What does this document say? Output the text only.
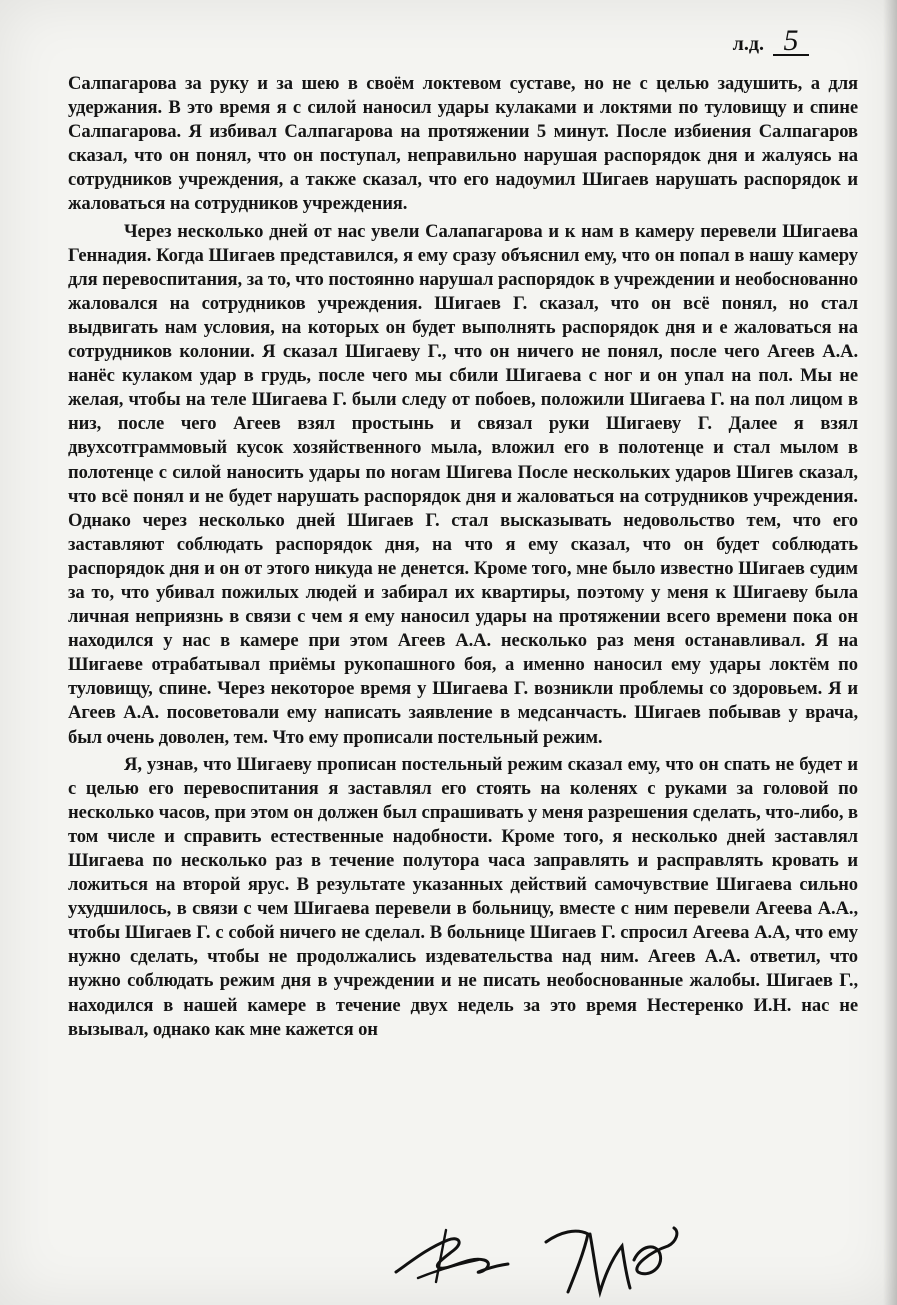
л.д. 5

Салпагарова за руку и за шею в своём локтевом суставе, но не с целью задушить, а для удержания. В это время я с силой наносил удары кулаками и локтями по туловищу и спине Салпагарова. Я избивал Салпагарова на протяжении 5 минут. После избиения Салпагаров сказал, что он понял, что он поступал, неправильно нарушая распорядок дня и жалуясь на сотрудников учреждения, а также сказал, что его надоумил Шигаев нарушать распорядок и жаловаться на сотрудников учреждения.

Через несколько дней от нас увели Салапагарова и к нам в камеру перевели Шигаева Геннадия. Когда Шигаев представился, я ему сразу объяснил ему, что он попал в нашу камеру для перевоспитания, за то, что постоянно нарушал распорядок в учреждении и необоснованно жаловался на сотрудников учреждения. Шигаев Г. сказал, что он всё понял, но стал выдвигать нам условия, на которых он будет выполнять распорядок дня и е жаловаться на сотрудников колонии. Я сказал Шигаеву Г., что он ничего не понял, после чего Агеев А.А. нанёс кулаком удар в грудь, после чего мы сбили Шигаева с ног и он упал на пол. Мы не желая, чтобы на теле Шигаева Г. были следу от побоев, положили Шигаева Г. на пол лицом в низ, после чего Агеев взял простынь и связал руки Шигаеву Г. Далее я взял двухсотграммовый кусок хозяйственного мыла, вложил его в полотенце и стал мылом в полотенце с силой наносить удары по ногам Шигева После нескольких ударов Шигев сказал, что всё понял и не будет нарушать распорядок дня и жаловаться на сотрудников учреждения. Однако через несколько дней Шигаев Г. стал высказывать недовольство тем, что его заставляют соблюдать распорядок дня, на что я ему сказал, что он будет соблюдать распорядок дня и он от этого никуда не денется. Кроме того, мне было известно Шигаев судим за то, что убивал пожилых людей и забирал их квартиры, поэтому у меня к Шигаеву была личная неприязнь в связи с чем я ему наносил удары на протяжении всего времени пока он находился у нас в камере при этом Агеев А.А. несколько раз меня останавливал. Я на Шигаеве отрабатывал приёмы рукопашного боя, а именно наносил ему удары локтём по туловищу, спине. Через некоторое время у Шигаева Г. возникли проблемы со здоровьем. Я и Агеев А.А. посоветовали ему написать заявление в медсанчасть. Шигаев побывав у врача, был очень доволен, тем. Что ему прописали постельный режим.

Я, узнав, что Шигаеву прописан постельный режим сказал ему, что он спать не будет и с целью его перевоспитания я заставлял его стоять на коленях с руками за головой по несколько часов, при этом он должен был спрашивать у меня разрешения сделать, что-либо, в том числе и справить естественные надобности. Кроме того, я несколько дней заставлял Шигаева по несколько раз в течение полутора часа заправлять и расправлять кровать и ложиться на второй ярус. В результате указанных действий самочувствие Шигаева сильно ухудшилось, в связи с чем Шигаева перевели в больницу, вместе с ним перевели Агеева А.А., чтобы Шигаев Г. с собой ничего не сделал. В больнице Шигаев Г. спросил Агеева А.А, что ему нужно сделать, чтобы не продолжались издевательства над ним. Агеев А.А. ответил, что нужно соблюдать режим дня в учреждении и не писать необоснованные жалобы. Шигаев Г., находился в нашей камере в течение двух недель за это время Нестеренко И.Н. нас не вызывал, однако как мне кажется он
